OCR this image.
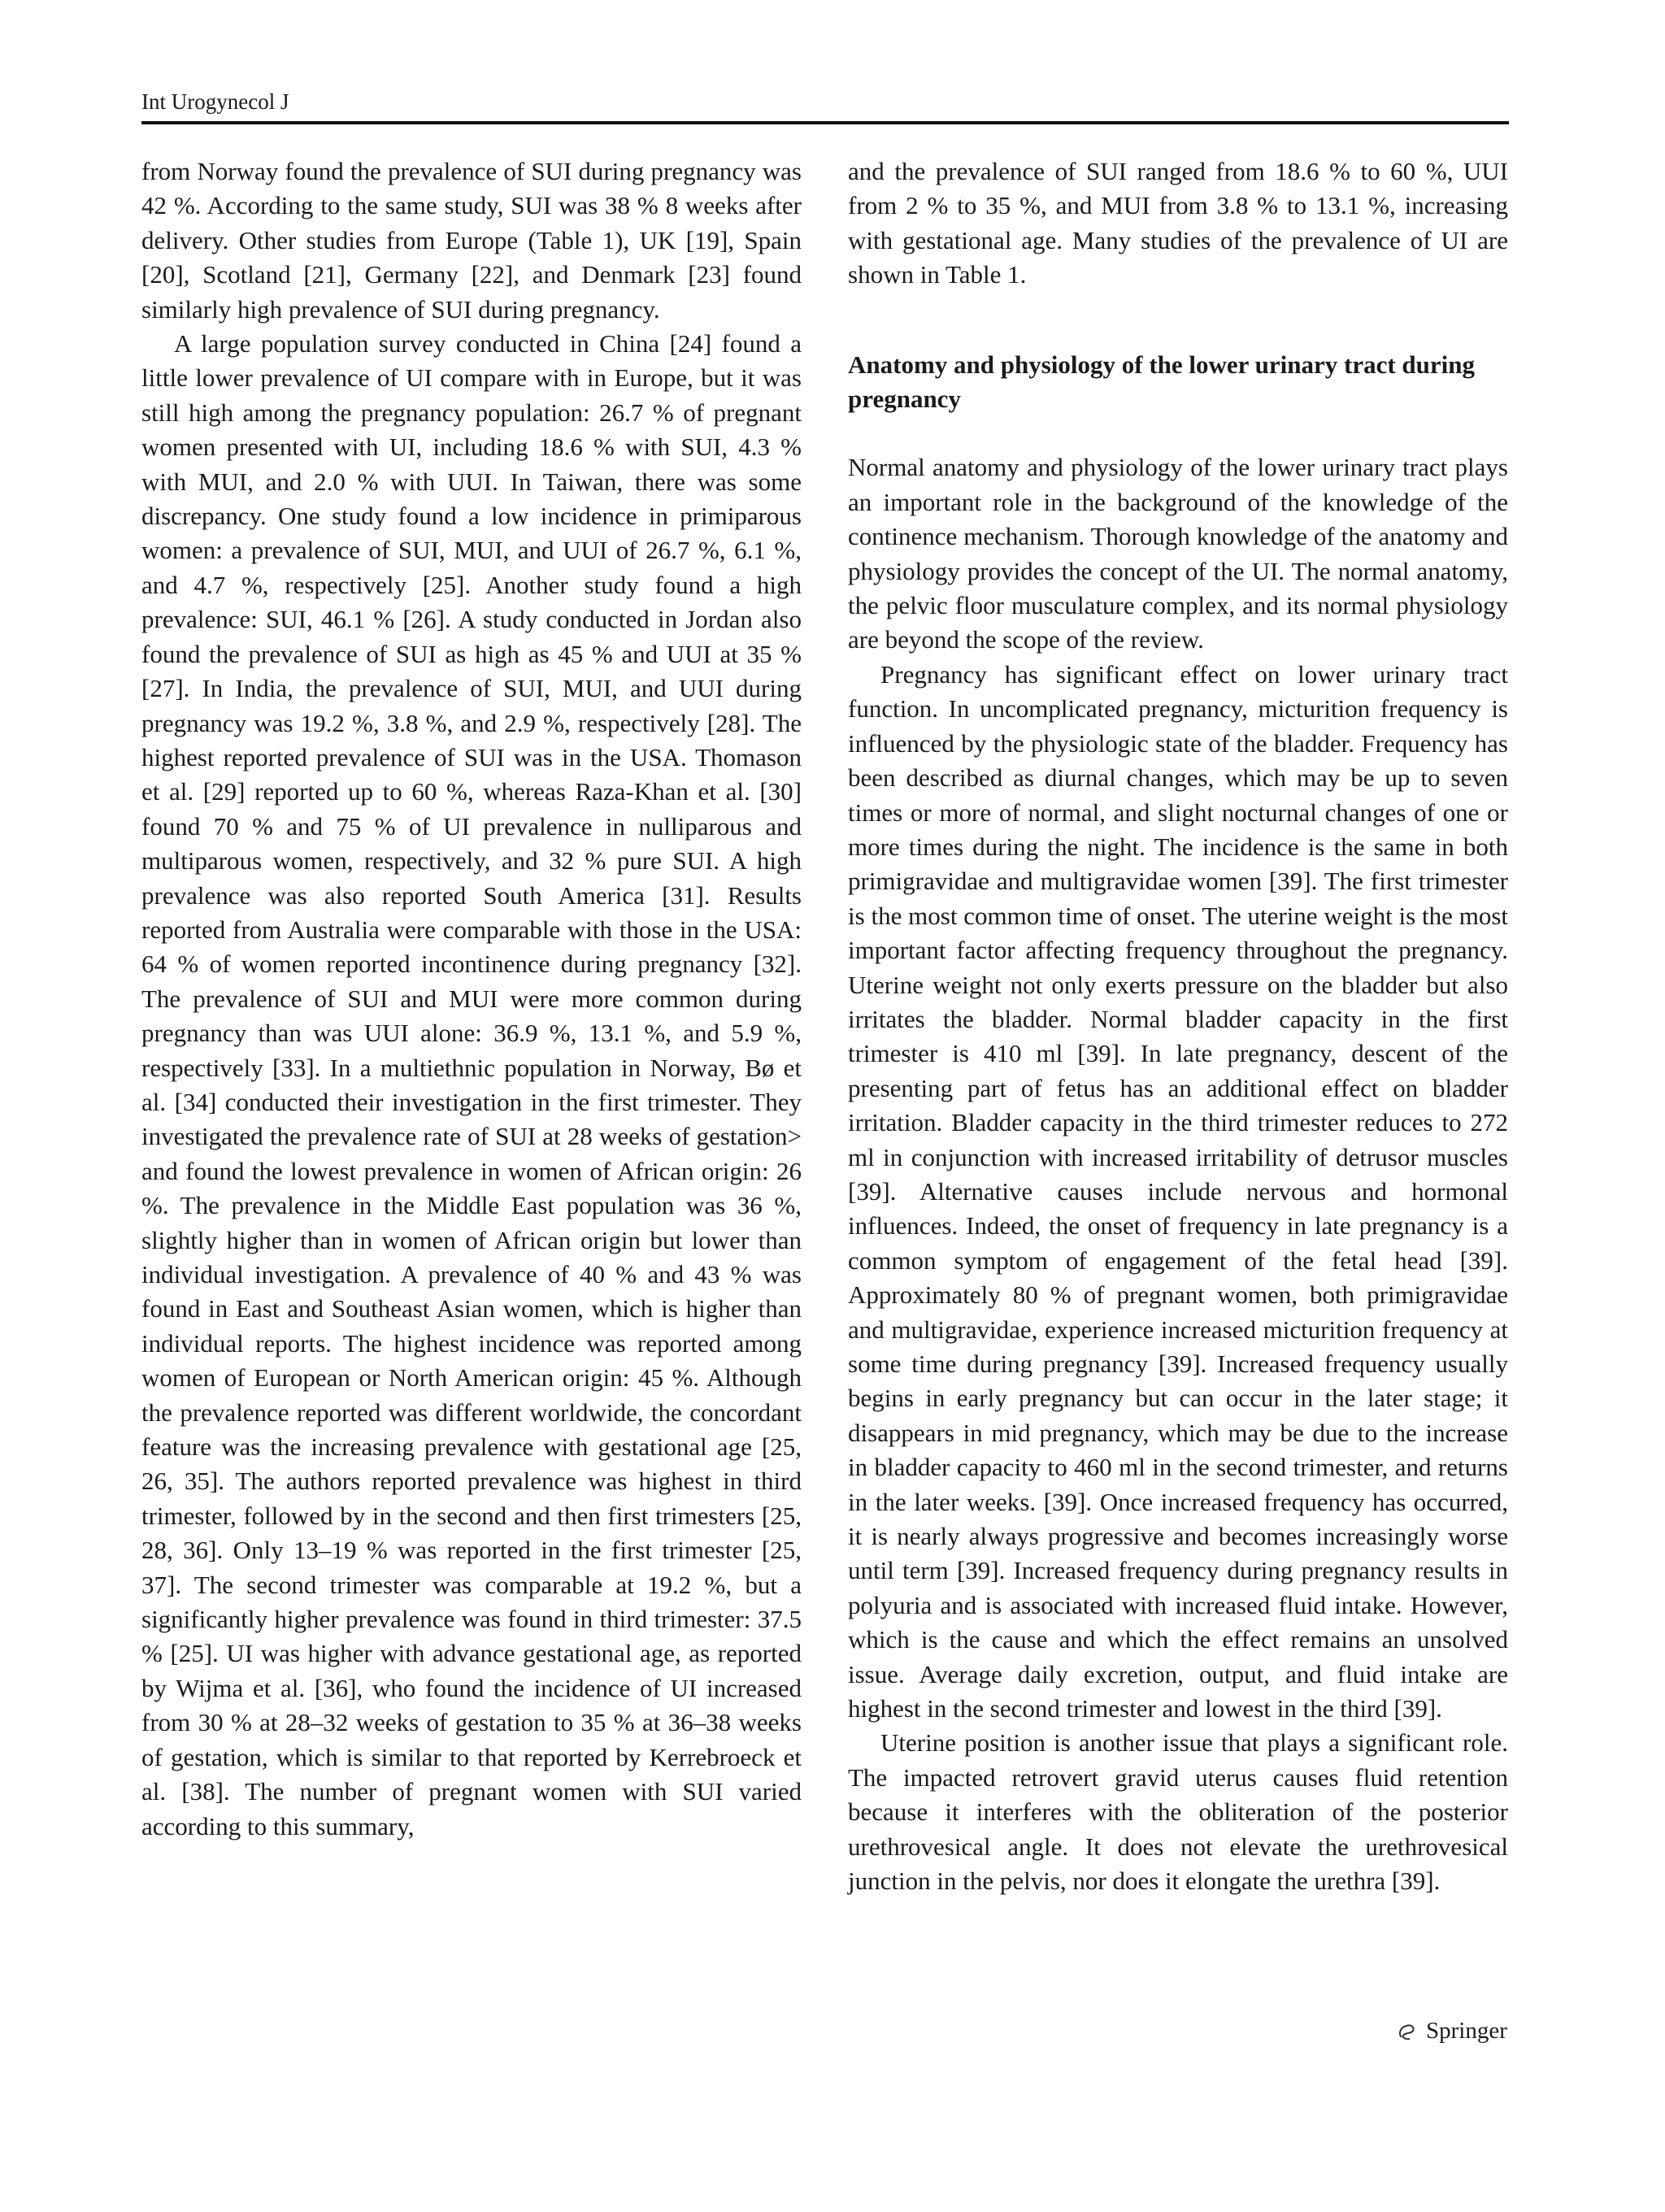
Int Urogynecol J

from Norway found the prevalence of SUI during pregnancy was 42 %. According to the same study, SUI was 38 % 8 weeks after delivery. Other studies from Europe (Table 1), UK [19], Spain [20], Scotland [21], Germany [22], and Denmark [23] found similarly high prevalence of SUI during pregnancy.

A large population survey conducted in China [24] found a little lower prevalence of UI compare with in Europe, but it was still high among the pregnancy population: 26.7 % of pregnant women presented with UI, including 18.6 % with SUI, 4.3 % with MUI, and 2.0 % with UUI. In Taiwan, there was some discrepancy. One study found a low incidence in primiparous women: a prevalence of SUI, MUI, and UUI of 26.7 %, 6.1 %, and 4.7 %, respectively [25]. Another study found a high prevalence: SUI, 46.1 % [26]. A study conducted in Jordan also found the prevalence of SUI as high as 45 % and UUI at 35 % [27]. In India, the prevalence of SUI, MUI, and UUI during pregnancy was 19.2 %, 3.8 %, and 2.9 %, respectively [28]. The highest reported prevalence of SUI was in the USA. Thomason et al. [29] reported up to 60 %, whereas Raza-Khan et al. [30] found 70 % and 75 % of UI prevalence in nulliparous and multiparous women, respectively, and 32 % pure SUI. A high prevalence was also reported South America [31]. Results reported from Australia were comparable with those in the USA: 64 % of women reported incontinence during pregnancy [32]. The prevalence of SUI and MUI were more common during pregnancy than was UUI alone: 36.9 %, 13.1 %, and 5.9 %, respectively [33]. In a multiethnic population in Norway, Bø et al. [34] conducted their investigation in the first trimester. They investigated the prevalence rate of SUI at 28 weeks of gestation> and found the lowest prevalence in women of African origin: 26 %. The prevalence in the Middle East population was 36 %, slightly higher than in women of African origin but lower than individual investigation. A prevalence of 40 % and 43 % was found in East and Southeast Asian women, which is higher than individual reports. The highest incidence was reported among women of European or North American origin: 45 %. Although the prevalence reported was different worldwide, the concordant feature was the increasing prevalence with gestational age [25, 26, 35]. The authors reported prevalence was highest in third trimester, followed by in the second and then first trimesters [25, 28, 36]. Only 13–19 % was reported in the first trimester [25, 37]. The second trimester was comparable at 19.2 %, but a significantly higher prevalence was found in third trimester: 37.5 % [25]. UI was higher with advance gestational age, as reported by Wijma et al. [36], who found the incidence of UI increased from 30 % at 28–32 weeks of gestation to 35 % at 36–38 weeks of gestation, which is similar to that reported by Kerrebroeck et al. [38]. The number of pregnant women with SUI varied according to this summary,

and the prevalence of SUI ranged from 18.6 % to 60 %, UUI from 2 % to 35 %, and MUI from 3.8 % to 13.1 %, increasing with gestational age. Many studies of the prevalence of UI are shown in Table 1.

Anatomy and physiology of the lower urinary tract during pregnancy

Normal anatomy and physiology of the lower urinary tract plays an important role in the background of the knowledge of the continence mechanism. Thorough knowledge of the anatomy and physiology provides the concept of the UI. The normal anatomy, the pelvic floor musculature complex, and its normal physiology are beyond the scope of the review.

Pregnancy has significant effect on lower urinary tract function. In uncomplicated pregnancy, micturition frequency is influenced by the physiologic state of the bladder. Frequency has been described as diurnal changes, which may be up to seven times or more of normal, and slight nocturnal changes of one or more times during the night. The incidence is the same in both primigravidae and multigravidae women [39]. The first trimester is the most common time of onset. The uterine weight is the most important factor affecting frequency throughout the pregnancy. Uterine weight not only exerts pressure on the bladder but also irritates the bladder. Normal bladder capacity in the first trimester is 410 ml [39]. In late pregnancy, descent of the presenting part of fetus has an additional effect on bladder irritation. Bladder capacity in the third trimester reduces to 272 ml in conjunction with increased irritability of detrusor muscles [39]. Alternative causes include nervous and hormonal influences. Indeed, the onset of frequency in late pregnancy is a common symptom of engagement of the fetal head [39]. Approximately 80 % of pregnant women, both primigravidae and multigravidae, experience increased micturition frequency at some time during pregnancy [39]. Increased frequency usually begins in early pregnancy but can occur in the later stage; it disappears in mid pregnancy, which may be due to the increase in bladder capacity to 460 ml in the second trimester, and returns in the later weeks. [39]. Once increased frequency has occurred, it is nearly always progressive and becomes increasingly worse until term [39]. Increased frequency during pregnancy results in polyuria and is associated with increased fluid intake. However, which is the cause and which the effect remains an unsolved issue. Average daily excretion, output, and fluid intake are highest in the second trimester and lowest in the third [39].

Uterine position is another issue that plays a significant role. The impacted retrovert gravid uterus causes fluid retention because it interferes with the obliteration of the posterior urethrovesical angle. It does not elevate the urethrovesical junction in the pelvis, nor does it elongate the urethra [39].

Springer
